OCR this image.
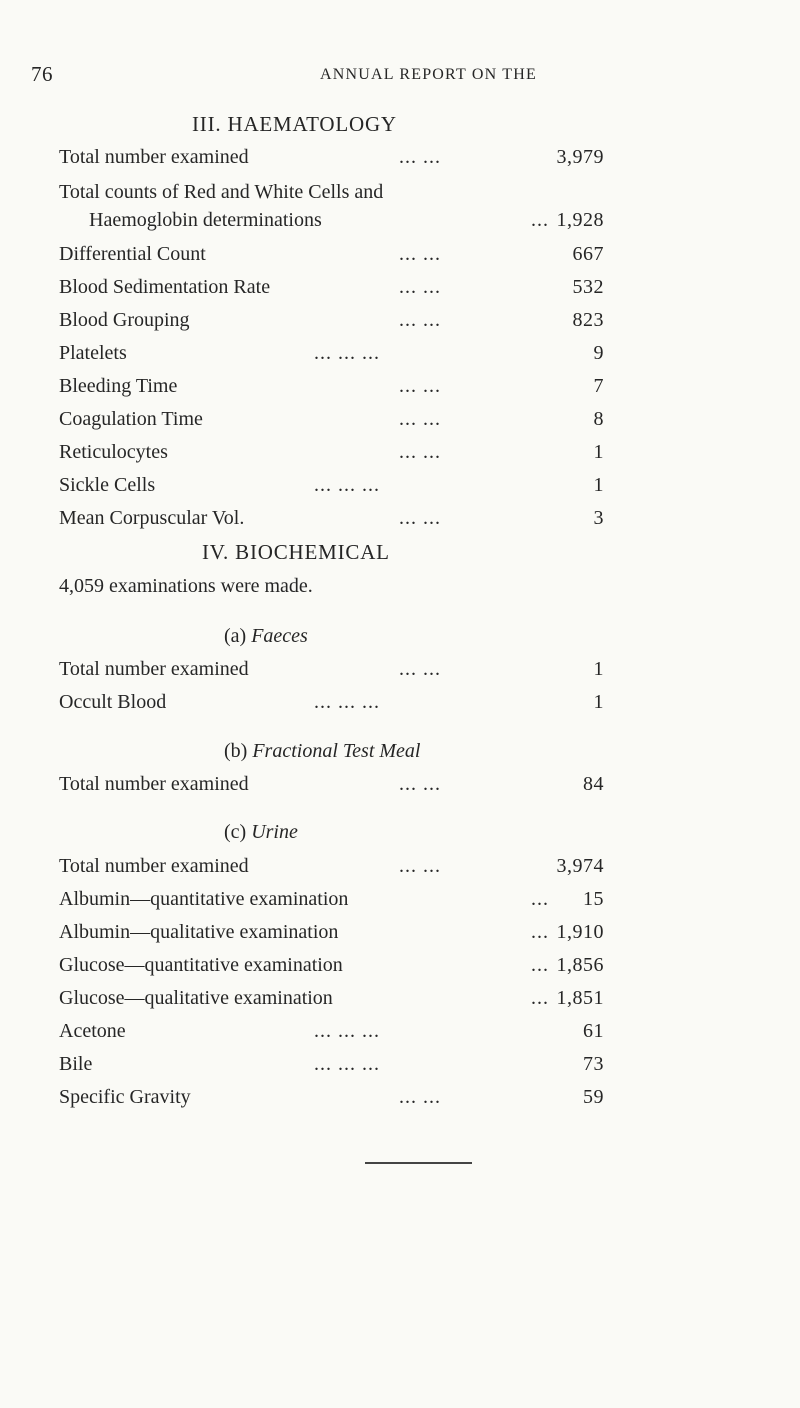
76	ANNUAL REPORT ON THE
III. HAEMATOLOGY
Total number examined	... ...	3,979
Total counts of Red and White Cells and
Haemoglobin determinations	... 1,928
Differential Count	... ...	667
Blood Sedimentation Rate	... ...	532
Blood Grouping	... ...	823
Platelets	... ... ...	9
Bleeding Time	... ...	7
Coagulation Time	... ...	8
Reticulocytes	... ...	1
Sickle Cells	... ... ...	1
Mean Corpuscular Vol.	... ...	3
IV. BIOCHEMICAL
4,059 examinations were made.
(a) Faeces
Total number examined	... ...	1
Occult Blood	... ... ...	1
(b) Fractional Test Meal
Total number examined	... ...	84
(c) Urine
Total number examined	... ...	3,974
Albumin—quantitative examination	... 15
Albumin—qualitative examination	... 1,910
Glucose—quantitative examination	... 1,856
Glucose—qualitative examination	... 1,851
Acetone	... ... ...	61
Bile	... ... ...	73
Specific Gravity	... ...	59
